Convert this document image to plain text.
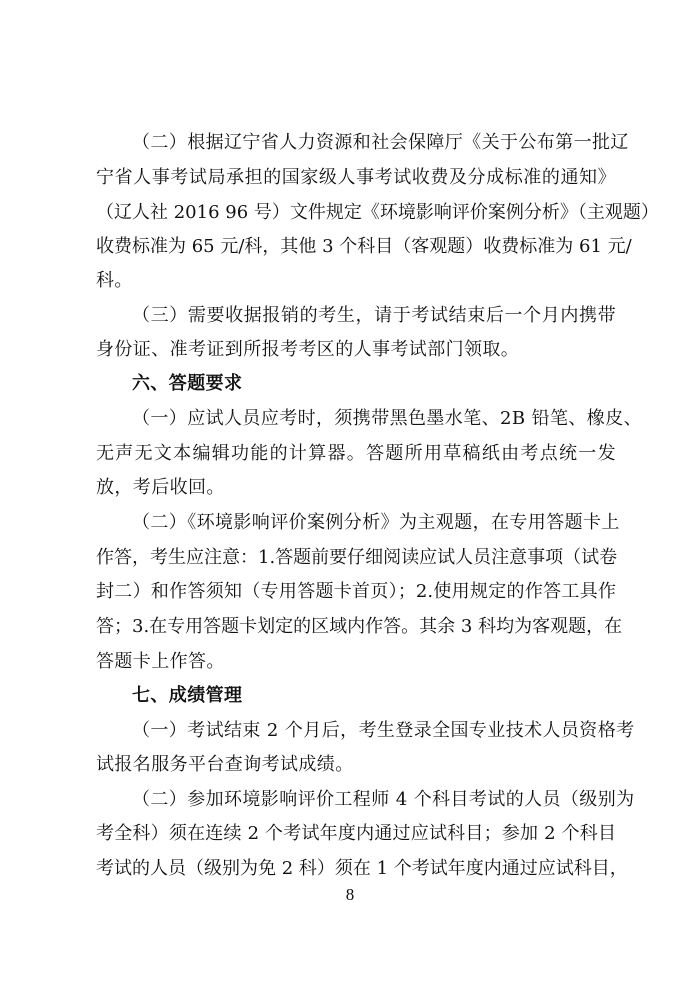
（二）根据辽宁省人力资源和社会保障厅《关于公布第一批辽
宁省人事考试局承担的国家级人事考试收费及分成标准的通知》
（辽人社 2016 96 号）文件规定《环境影响评价案例分析》（主观题）
收费标准为 65 元/科，其他 3 个科目（客观题）收费标准为 61 元/
科。
（三）需要收据报销的考生，请于考试结束后一个月内携带
身份证、准考证到所报考考区的人事考试部门领取。
六、答题要求
（一）应试人员应考时，须携带黑色墨水笔、2B 铅笔、橡皮、
无声无文本编辑功能的计算器。答题所用草稿纸由考点统一发
放，考后收回。
（二）《环境影响评价案例分析》为主观题，在专用答题卡上
作答，考生应注意：1.答题前要仔细阅读应试人员注意事项（试卷
封二）和作答须知（专用答题卡首页）；2.使用规定的作答工具作
答；3.在专用答题卡划定的区域内作答。其余 3 科均为客观题，在
答题卡上作答。
七、成绩管理
（一）考试结束 2 个月后，考生登录全国专业技术人员资格考
试报名服务平台查询考试成绩。
（二）参加环境影响评价工程师 4 个科目考试的人员（级别为
考全科）须在连续 2 个考试年度内通过应试科目；参加 2 个科目
考试的人员（级别为免 2 科）须在 1 个考试年度内通过应试科目，
8
